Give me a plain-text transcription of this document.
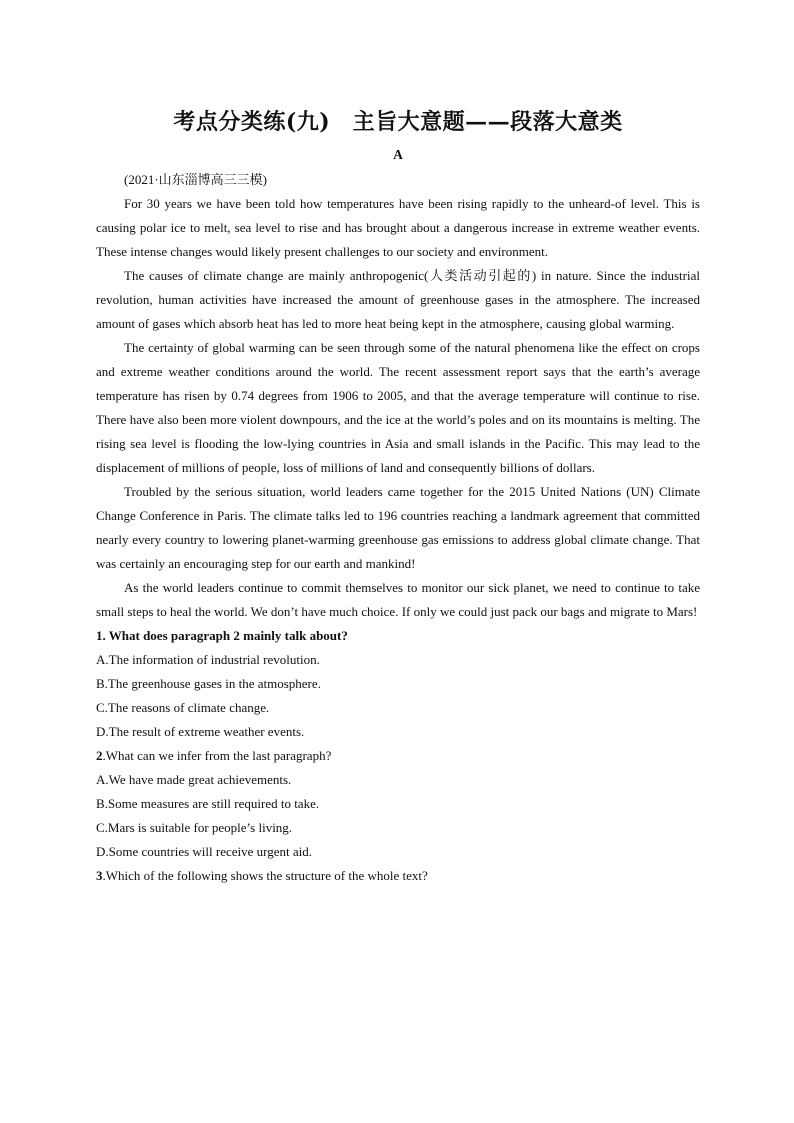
考点分类练(九)　主旨大意题——段落大意类
A

(2021·山东淄博高三三模)

For 30 years we have been told how temperatures have been rising rapidly to the unheard-of level. This is causing polar ice to melt, sea level to rise and has brought about a dangerous increase in extreme weather events. These intense changes would likely present challenges to our society and environment.

The causes of climate change are mainly anthropogenic(人类活动引起的) in nature. Since the industrial revolution, human activities have increased the amount of greenhouse gases in the atmosphere. The increased amount of gases which absorb heat has led to more heat being kept in the atmosphere, causing global warming.

The certainty of global warming can be seen through some of the natural phenomena like the effect on crops and extreme weather conditions around the world. The recent assessment report says that the earth’s average temperature has risen by 0.74 degrees from 1906 to 2005, and that the average temperature will continue to rise. There have also been more violent downpours, and the ice at the world’s poles and on its mountains is melting. The rising sea level is flooding the low-lying countries in Asia and small islands in the Pacific. This may lead to the displacement of millions of people, loss of millions of land and consequently billions of dollars.

Troubled by the serious situation, world leaders came together for the 2015 United Nations (UN) Climate Change Conference in Paris. The climate talks led to 196 countries reaching a landmark agreement that committed nearly every country to lowering planet-warming greenhouse gas emissions to address global climate change. That was certainly an encouraging step for our earth and mankind!

As the world leaders continue to commit themselves to monitor our sick planet, we need to continue to take small steps to heal the world. We don’t have much choice. If only we could just pack our bags and migrate to Mars!

1. What does paragraph 2 mainly talk about?

A.The information of industrial revolution.

B.The greenhouse gases in the atmosphere.

C.The reasons of climate change.

D.The result of extreme weather events.

2.What can we infer from the last paragraph?

A.We have made great achievements.

B.Some measures are still required to take.

C.Mars is suitable for people’s living.

D.Some countries will receive urgent aid.

3.Which of the following shows the structure of the whole text?
